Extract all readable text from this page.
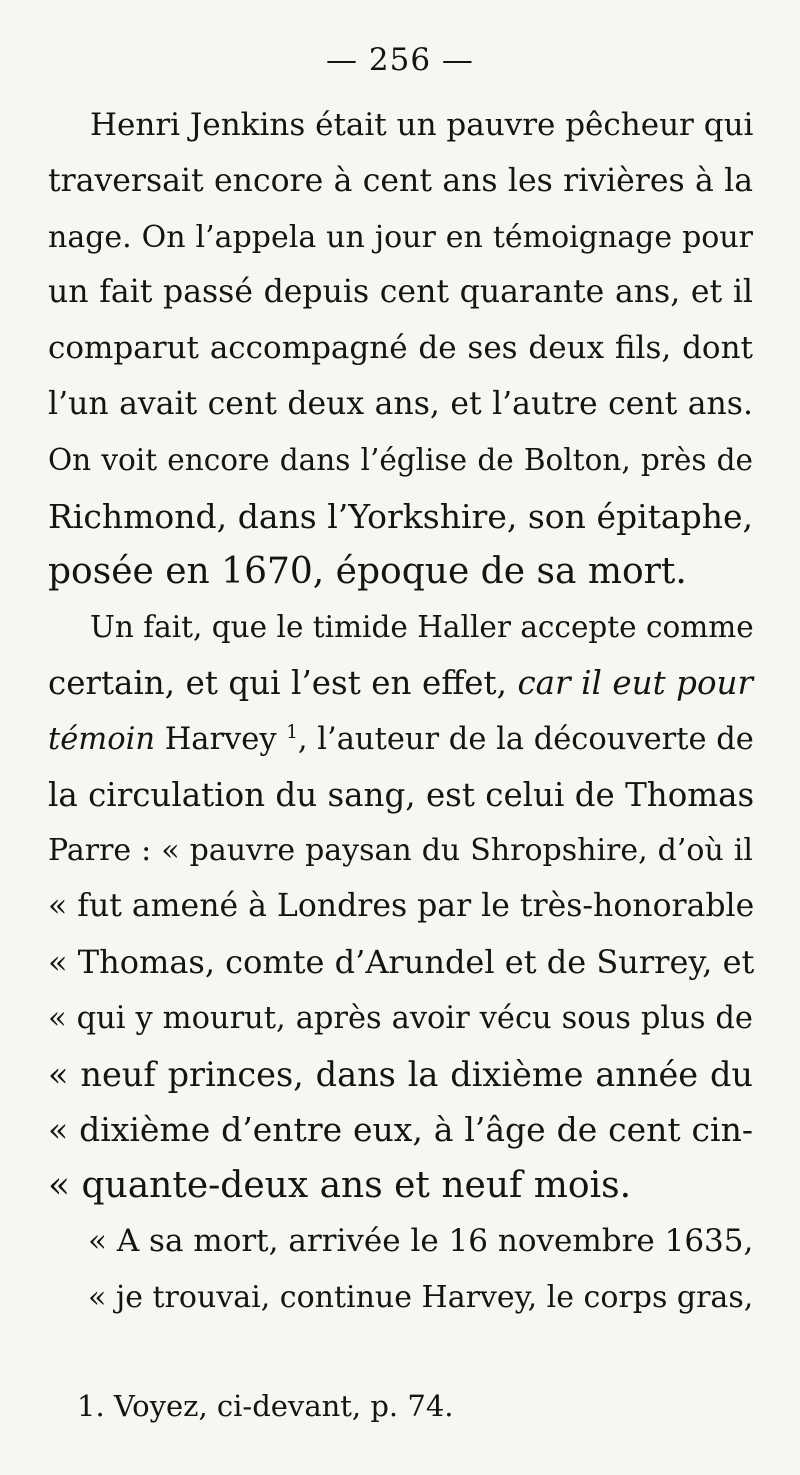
— 256 —
Henri Jenkins était un pauvre pêcheur qui
traversait encore à cent ans les rivières à la
nage. On l’appela un jour en témoignage pour
un fait passé depuis cent quarante ans, et il
comparut accompagné de ses deux fils, dont
l’un avait cent deux ans, et l’autre cent ans.
On voit encore dans l’église de Bolton, près de
Richmond, dans l’Yorkshire, son épitaphe,
posée en 1670, époque de sa mort.
Un fait, que le timide Haller accepte comme
certain, et qui l’est en effet, car il eut pour
témoin Harvey $^1$, l’auteur de la découverte de
la circulation du sang, est celui de Thomas
Parre : « pauvre paysan du Shropshire, d’où il
« fut amené à Londres par le très-honorable
« Thomas, comte d’Arundel et de Surrey, et
« qui y mourut, après avoir vécu sous plus de
« neuf princes, dans la dixième année du
« dixième d’entre eux, à l’âge de cent cin-
« quante-deux ans et neuf mois.
« A sa mort, arrivée le 16 novembre 1635,
« je trouvai, continue Harvey, le corps gras,
1. Voyez, ci-devant, p. 74.
